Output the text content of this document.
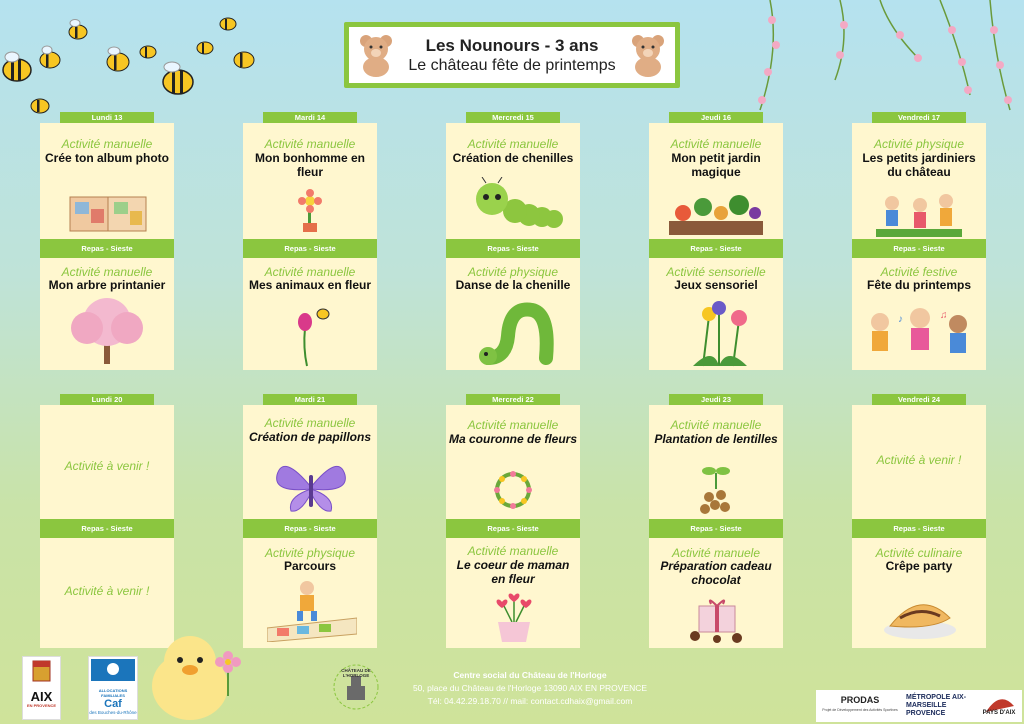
Les Nounours - 3 ans
Le château fête de printemps
Lundi 13
Activité manuelle
Crée ton album photo
Repas - Sieste
Activité manuelle
Mon arbre printanier
Mardi 14
Activité manuelle
Mon bonhomme en fleur
Repas - Sieste
Activité manuelle
Mes animaux en fleur
Mercredi 15
Activité manuelle
Création de chenilles
Repas - Sieste
Activité physique
Danse de la chenille
Jeudi 16
Activité manuelle
Mon petit jardin magique
Repas - Sieste
Activité sensorielle
Jeux sensoriel
Vendredi 17
Activité physique
Les petits jardiniers du château
Repas - Sieste
Activité festive
Fête du printemps
♪	♫
Lundi 20
Activité à venir !
Repas - Sieste
Activité à venir !
Mardi 21
Activité manuelle
Création de papillons
Repas - Sieste
Activité physique
Parcours
Mercredi 22
Activité manuelle
Ma couronne de fleurs
Repas - Sieste
Activité manuelle
Le coeur de maman en fleur
Jeudi 23
Activité manuelle
Plantation de lentilles
Repas - Sieste
Activité manuele
Préparation cadeau chocolat
Vendredi 24
Activité à venir !
Repas - Sieste
Activité culinaire
Crêpe party
AIX
EN PROVENCE
ALLOCATIONS FAMILIALES
Caf
des Bouches-du-Rhône
CHÂTEAU DE L'HORLOGE	Centre social du Château de l'Horloge
50, place du Château de l'Horloge 13090 AIX EN PROVENCE
Tél: 04.42.29.18.70 // mail: contact.cdhaix@gmail.com	PRODAS
Projet de Développement des Activités Sportives
MÉTROPOLE AIX-MARSEILLE PROVENCE	PAYS D'AIX
